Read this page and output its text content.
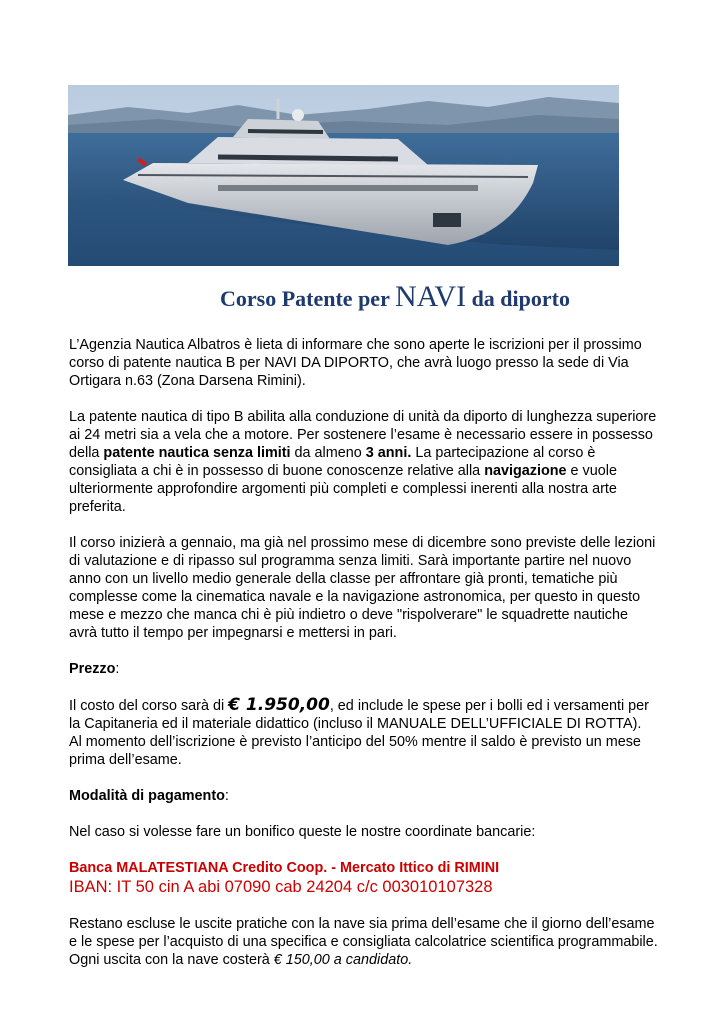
Corso Patente per NAVI da diporto

L’Agenzia Nautica Albatros è lieta di informare che sono aperte le iscrizioni per il prossimo corso di patente nautica B per NAVI DA DIPORTO, che avrà luogo presso la sede di Via Ortigara n.63 (Zona Darsena Rimini).

La patente nautica di tipo B abilita alla conduzione di unità da diporto di lunghezza superiore ai 24 metri sia a vela che a motore. Per sostenere l’esame è necessario essere in possesso della patente nautica senza limiti da almeno 3 anni. La partecipazione al corso è consigliata a chi è in possesso di buone conoscenze relative alla navigazione e vuole ulteriormente approfondire argomenti più completi e complessi inerenti alla nostra arte preferita.

Il corso inizierà a gennaio, ma già nel prossimo mese di dicembre sono previste delle lezioni di valutazione e di ripasso sul programma senza limiti. Sarà importante partire nel nuovo anno con un livello medio generale della classe per affrontare già pronti, tematiche più complesse come la cinematica navale e la navigazione astronomica, per questo in questo mese e mezzo che manca chi è più indietro o deve "rispolverare" le squadrette nautiche avrà tutto il tempo per impegnarsi e mettersi in pari.

Prezzo:

Il costo del corso sarà di € 1.950,00, ed include le spese per i bolli ed i versamenti per la Capitaneria ed il materiale didattico (incluso il MANUALE DELL’UFFICIALE DI ROTTA).
Al momento dell’iscrizione è previsto l’anticipo del 50% mentre il saldo è previsto un mese prima dell’esame.

Modalità di pagamento:

Nel caso si volesse fare un bonifico queste le nostre coordinate bancarie:

Banca MALATESTIANA Credito Coop. - Mercato Ittico di RIMINI
IBAN: IT 50 cin A abi 07090 cab 24204 c/c 003010107328

Restano escluse le uscite pratiche con la nave sia prima dell’esame che il giorno dell’esame e le spese per l’acquisto di una specifica e consigliata calcolatrice scientifica programmabile. Ogni uscita con la nave costerà € 150,00 a candidato.
